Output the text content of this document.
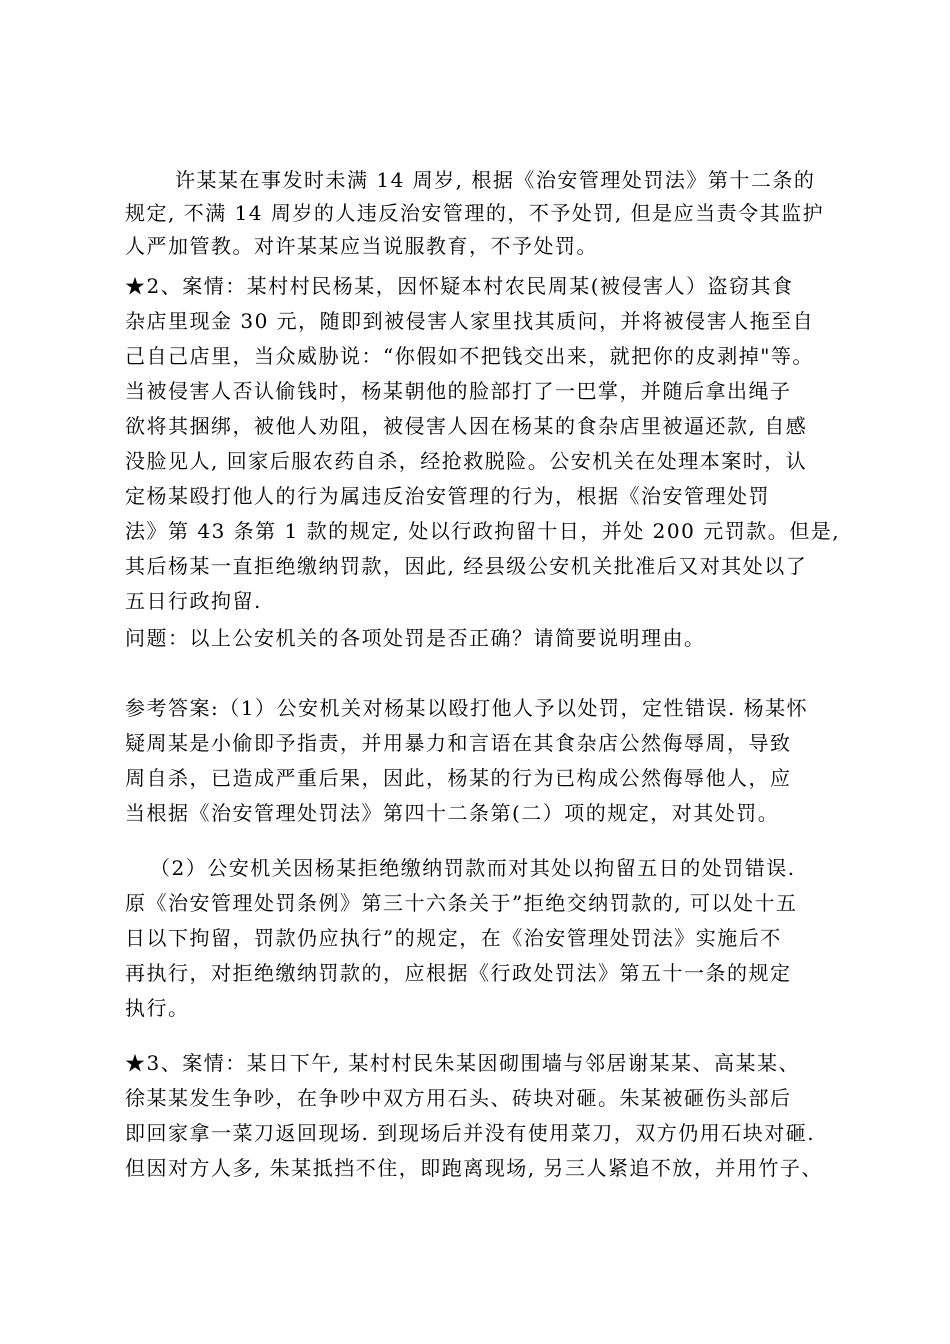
许某某在事发时未满 14 周岁, 根据《治安管理处罚法》第十二条的
规定, 不满 14 周岁的人违反治安管理的，不予处罚, 但是应当责令其监护
人严加管教。对许某某应当说服教育，不予处罚。
★2、案情：某村村民杨某，因怀疑本村农民周某(被侵害人）盗窃其食
杂店里现金 30 元，随即到被侵害人家里找其质问，并将被侵害人拖至自
己自己店里，当众威胁说：“你假如不把钱交出来，就把你的皮剥掉"等。
当被侵害人否认偷钱时，杨某朝他的脸部打了一巴掌，并随后拿出绳子
欲将其捆绑，被他人劝阻，被侵害人因在杨某的食杂店里被逼还款, 自感
没脸见人, 回家后服农药自杀，经抢救脱险。公安机关在处理本案时，认
定杨某殴打他人的行为属违反治安管理的行为，根据《治安管理处罚
法》第 43 条第 1 款的规定, 处以行政拘留十日，并处 200 元罚款。但是,
其后杨某一直拒绝缴纳罚款，因此, 经县级公安机关批准后又对其处以了
五日行政拘留.
问题：以上公安机关的各项处罚是否正确？请简要说明理由。
参考答案:（1）公安机关对杨某以殴打他人予以处罚，定性错误. 杨某怀
疑周某是小偷即予指责，并用暴力和言语在其食杂店公然侮辱周，导致
周自杀，已造成严重后果，因此，杨某的行为已构成公然侮辱他人，应
当根据《治安管理处罚法》第四十二条第(二）项的规定，对其处罚。
（2）公安机关因杨某拒绝缴纳罚款而对其处以拘留五日的处罚错误.
原《治安管理处罚条例》第三十六条关于”拒绝交纳罚款的, 可以处十五
日以下拘留，罚款仍应执行”的规定，在《治安管理处罚法》实施后不
再执行，对拒绝缴纳罚款的，应根据《行政处罚法》第五十一条的规定
执行。
★3、案情：某日下午, 某村村民朱某因砌围墙与邻居谢某某、高某某、
徐某某发生争吵，在争吵中双方用石头、砖块对砸。朱某被砸伤头部后
即回家拿一菜刀返回现场. 到现场后并没有使用菜刀，双方仍用石块对砸.
但因对方人多, 朱某抵挡不住，即跑离现场, 另三人紧追不放，并用竹子、
